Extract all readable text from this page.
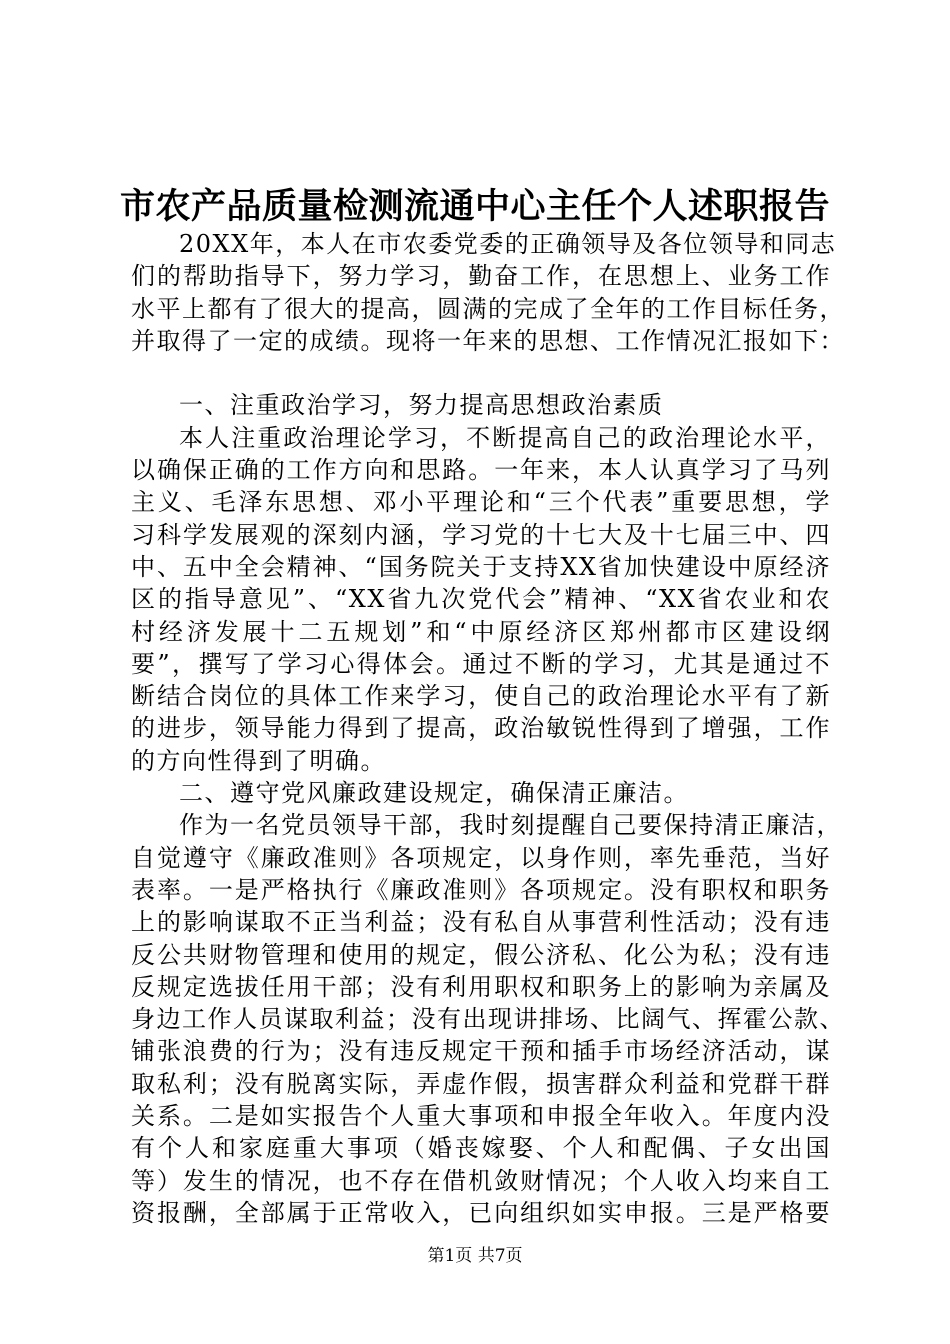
市农产品质量检测流通中心主任个人述职报告
20XX年，本人在市农委党委的正确领导及各位领导和同志
们的帮助指导下，努力学习，勤奋工作，在思想上、业务工作
水平上都有了很大的提高，圆满的完成了全年的工作目标任务，
并取得了一定的成绩。现将一年来的思想、工作情况汇报如下：
一、注重政治学习，努力提高思想政治素质
本人注重政治理论学习，不断提高自己的政治理论水平，
以确保正确的工作方向和思路。一年来，本人认真学习了马列
主义、毛泽东思想、邓小平理论和“三个代表”重要思想，学
习科学发展观的深刻内涵，学习党的十七大及十七届三中、四
中、五中全会精神、“国务院关于支持XX省加快建设中原经济
区的指导意见”、“XX省九次党代会”精神、“XX省农业和农
村经济发展十二五规划”和“中原经济区郑州都市区建设纲
要”，撰写了学习心得体会。通过不断的学习，尤其是通过不
断结合岗位的具体工作来学习，使自己的政治理论水平有了新
的进步，领导能力得到了提高，政治敏锐性得到了增强，工作
的方向性得到了明确。
二、遵守党风廉政建设规定，确保清正廉洁。
作为一名党员领导干部，我时刻提醒自己要保持清正廉洁，
自觉遵守《廉政准则》各项规定，以身作则，率先垂范，当好
表率。一是严格执行《廉政准则》各项规定。没有职权和职务
上的影响谋取不正当利益；没有私自从事营利性活动；没有违
反公共财物管理和使用的规定，假公济私、化公为私；没有违
反规定选拔任用干部；没有利用职权和职务上的影响为亲属及
身边工作人员谋取利益；没有出现讲排场、比阔气、挥霍公款、
铺张浪费的行为；没有违反规定干预和插手市场经济活动，谋
取私利；没有脱离实际，弄虚作假，损害群众利益和党群干群
关系。二是如实报告个人重大事项和申报全年收入。年度内没
有个人和家庭重大事项（婚丧嫁娶、个人和配偶、子女出国
等）发生的情况，也不存在借机敛财情况；个人收入均来自工
资报酬，全部属于正常收入，已向组织如实申报。三是严格要
第1页 共7页
